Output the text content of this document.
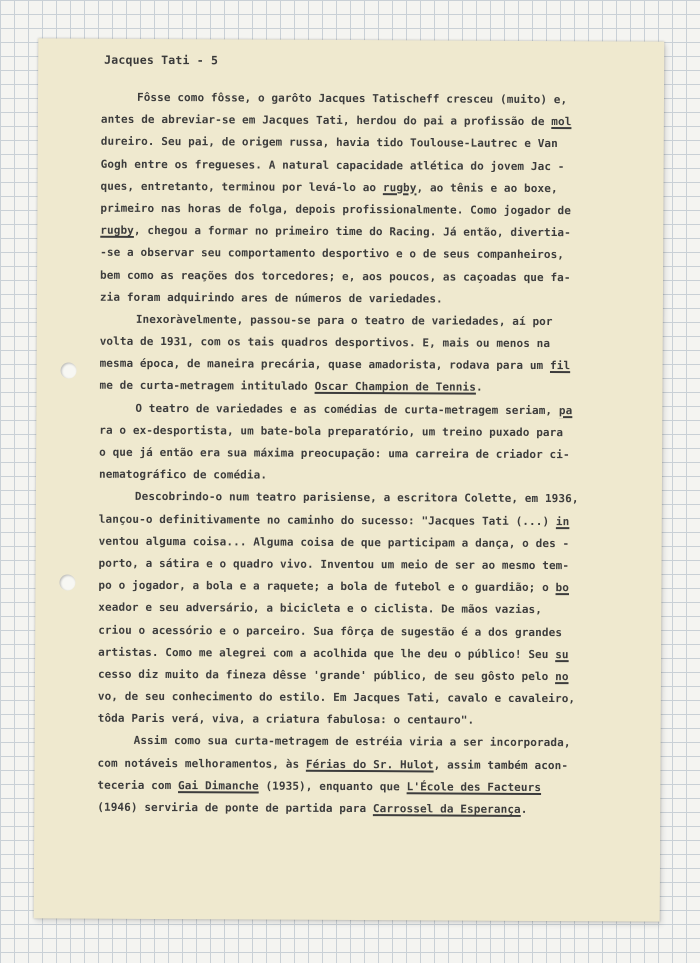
Jacques Tati - 5
Fôsse como fôsse, o garôto Jacques Tatischeff cresceu (muito) e,
antes de abreviar-se em Jacques Tati, herdou do pai a profissão de mol
dureiro. Seu pai, de origem russa, havia tido Toulouse-Lautrec e Van
Gogh entre os fregueses. A natural capacidade atlética do jovem Jac -
ques, entretanto, terminou por levá-lo ao rugby, ao tênis e ao boxe,
primeiro nas horas de folga, depois profissionalmente. Como jogador de
rugby, chegou a formar no primeiro time do Racing. Já então, divertia-
-se a observar seu comportamento desportivo e o de seus companheiros,
bem como as reações dos torcedores; e, aos poucos, as caçoadas que fa-
zia foram adquirindo ares de números de variedades.
Inexoràvelmente, passou-se para o teatro de variedades, aí por
volta de 1931, com os tais quadros desportivos. E, mais ou menos na
mesma época, de maneira precária, quase amadorista, rodava para um fil
me de curta-metragem intitulado Oscar Champion de Tennis.
O teatro de variedades e as comédias de curta-metragem seriam, pa
ra o ex-desportista, um bate-bola preparatório, um treino puxado para
o que já então era sua máxima preocupação: uma carreira de criador ci-
nematográfico de comédia.
Descobrindo-o num teatro parisiense, a escritora Colette, em 1936,
lançou-o definitivamente no caminho do sucesso: "Jacques Tati (...) in
ventou alguma coisa... Alguma coisa de que participam a dança, o des -
porto, a sátira e o quadro vivo. Inventou um meio de ser ao mesmo tem-
po o jogador, a bola e a raquete; a bola de futebol e o guardião; o bo
xeador e seu adversário, a bicicleta e o ciclista. De mãos vazias,
criou o acessório e o parceiro. Sua fôrça de sugestão é a dos grandes
artistas. Como me alegrei com a acolhida que lhe deu o público! Seu su
cesso diz muito da fineza dêsse 'grande' público, de seu gôsto pelo no
vo, de seu conhecimento do estilo. Em Jacques Tati, cavalo e cavaleiro,
tôda Paris verá, viva, a criatura fabulosa: o centauro".
Assim como sua curta-metragem de estréia viria a ser incorporada,
com notáveis melhoramentos, às Férias do Sr. Hulot, assim também acon-
teceria com Gai Dimanche (1935), enquanto que L'École des Facteurs
(1946) serviria de ponte de partida para Carrossel da Esperança.
